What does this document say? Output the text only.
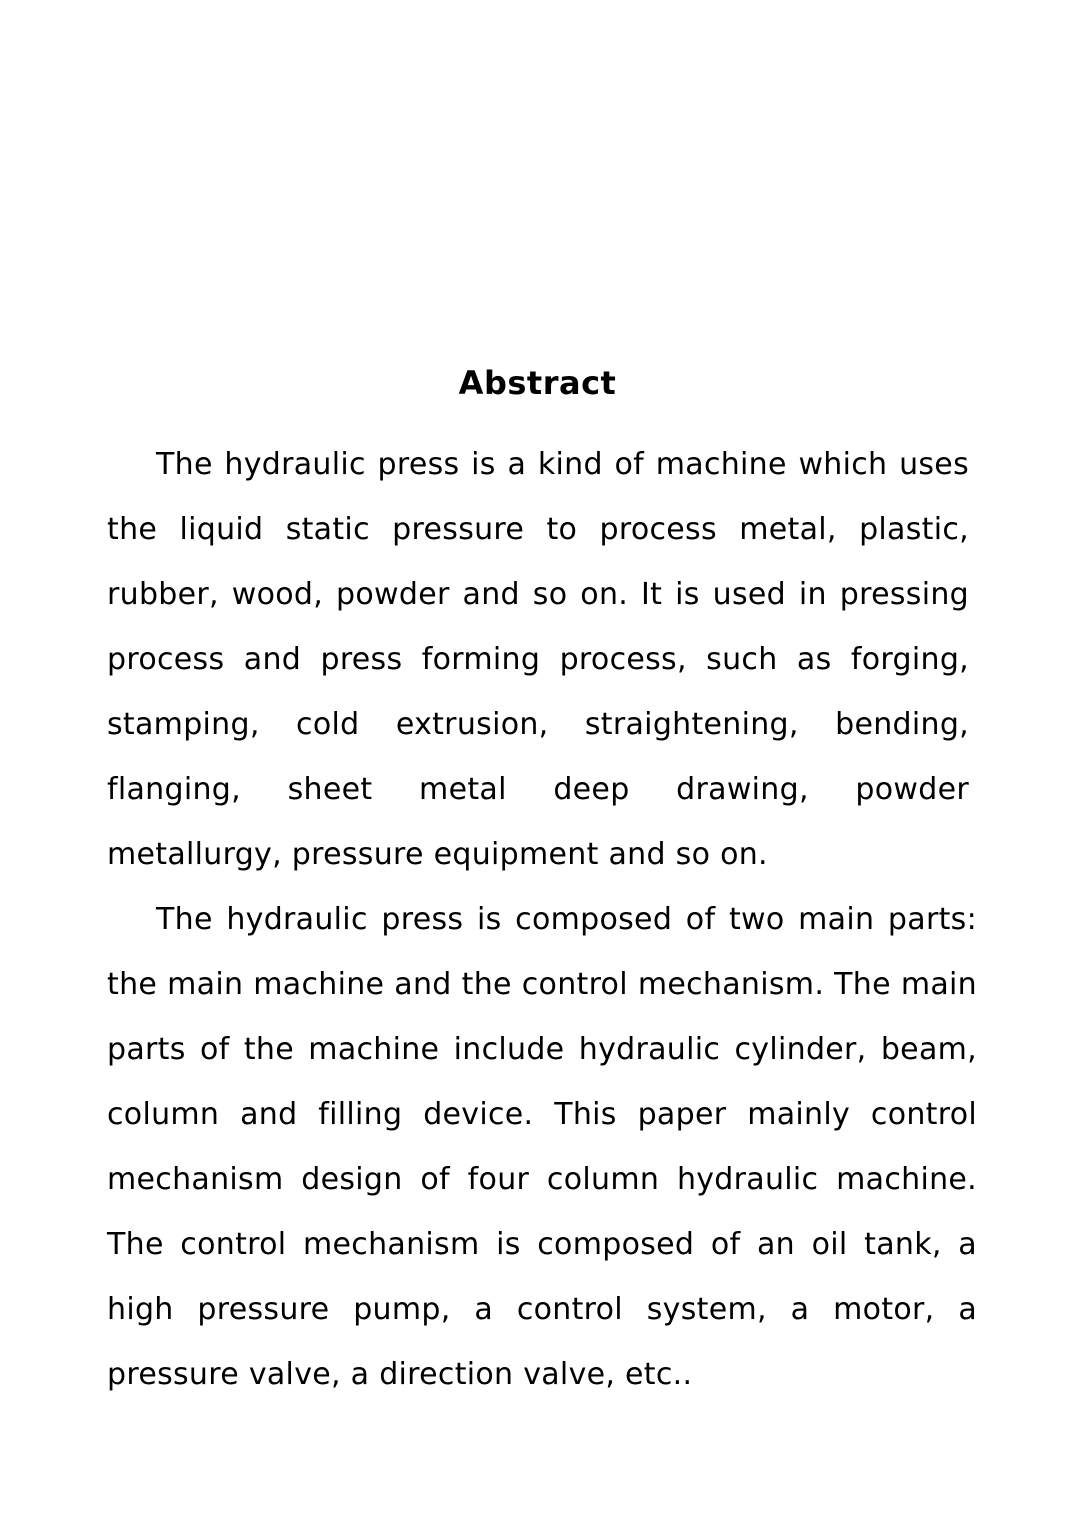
Abstract

The hydraulic press is a kind of machine which uses the liquid static pressure to process metal, plastic, rubber, wood, powder and so on. It is used in pressing process and press forming process, such as forging, stamping, cold extrusion, straightening, bending, flanging, sheet metal deep drawing, powder metallurgy, pressure equipment and so on.

The hydraulic press is composed of two main parts: the main machine and the control mechanism. The main parts of the machine include hydraulic cylinder, beam, column and filling device. This paper mainly control mechanism design of four column hydraulic machine. The control mechanism is composed of an oil tank, a high pressure pump, a control system, a motor, a pressure valve, a direction valve, etc..
